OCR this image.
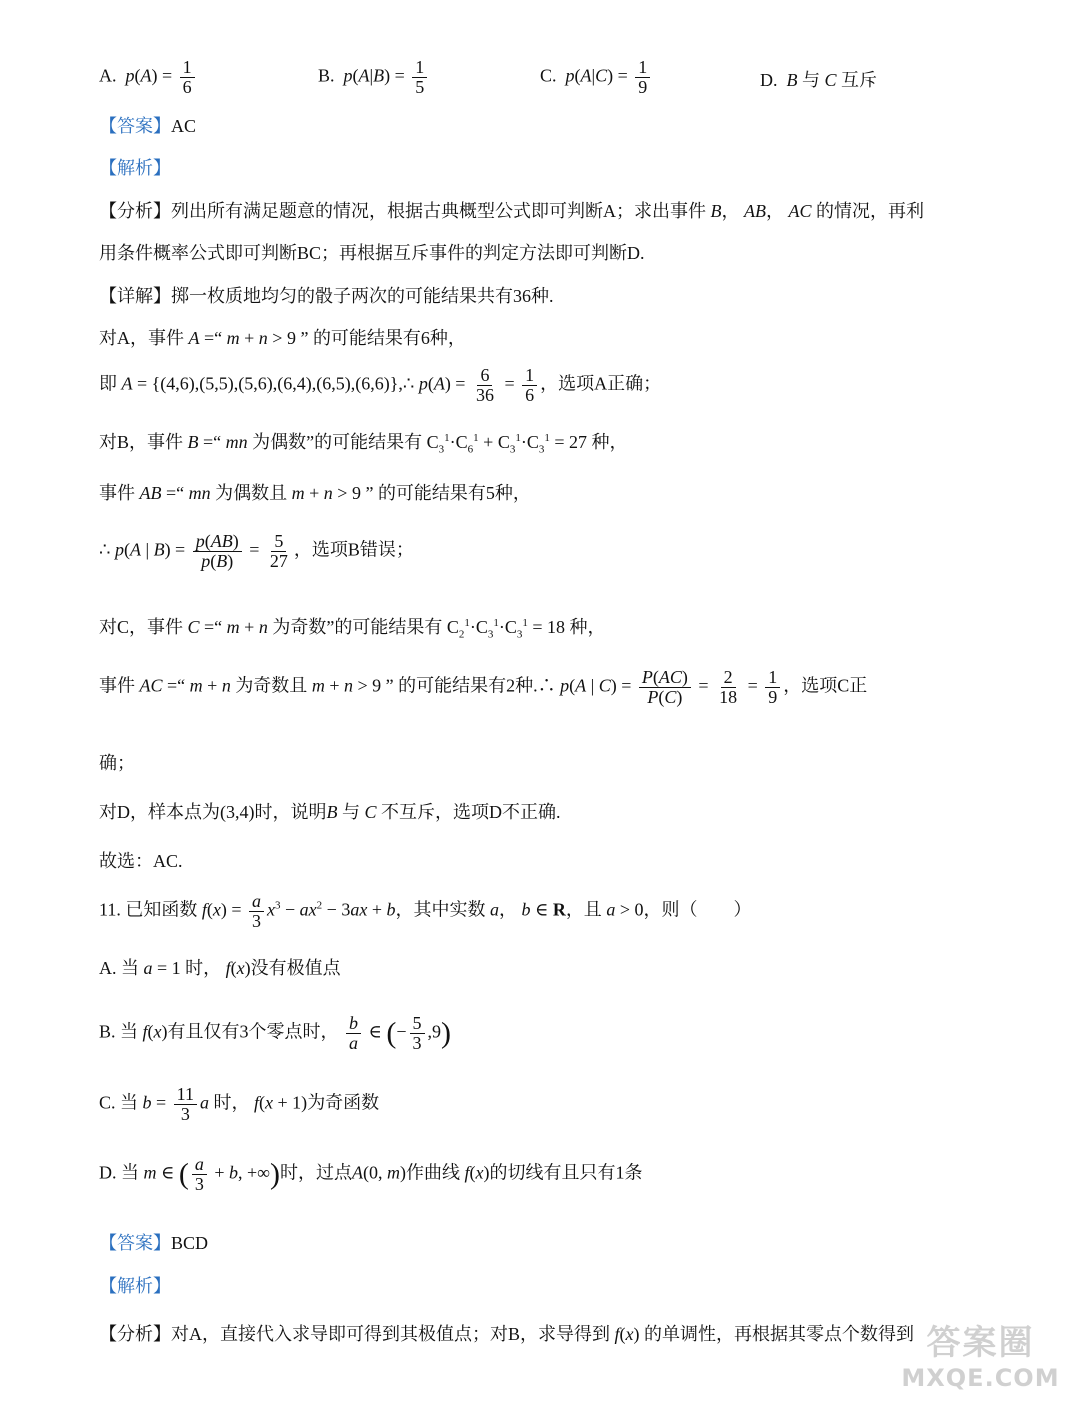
A. $p(A) = \frac{1}{6}$	B. $p(A|B) = \frac{1}{5}$	C. $p(A|C) = \frac{1}{9}$	D. B 与 C 互斥
【答案】AC
【解析】
【分析】列出所有满足题意的情况，根据古典概型公式即可判断A；求出事件 B， AB， AC 的情况，再利
用条件概率公式即可判断BC；再根据互斥事件的判定方法即可判断D.
【详解】掷一枚质地均匀的骰子两次的可能结果共有36种.
对A，事件 A =“ m + n > 9 ” 的可能结果有6种，
即 A = {(4,6),(5,5),(5,6),(6,4),(6,5),(6,6)},∴ $p(A) = \frac{6}{36} = \frac{1}{6}$ ，选项A正确；
对B，事件 B =“ mn 为偶数”的可能结果有 $C_3^1\cdot C_6^1 + C_3^1\cdot C_3^1 = 27$ 种，
事件 AB =“ mn 为偶数且 m + n > 9 ” 的可能结果有5种，
∴ p(A | $B) = \frac{p(AB)}{p(B)} = \frac{5}{27}$ ，选项B错误；
对C，事件 C =“ m + n 为奇数”的可能结果有 $C_2^1\cdot C_3^1\cdot C_3^1 = 18$ 种，
事件 AC =“ m + n 为奇数且 m + n > 9 ” 的可能结果有2种.∴ p(A | $C) = \frac{P(AC)}{P(C)} = \frac{2}{18} = \frac{1}{9}$ ，选项C正
确；
对D，样本点为(3,4)时，说明B 与 C 不互斥，选项D不正确.
故选：AC.
11. 已知函数 $f(x) = \frac{a}{3} x^3 - ax^2 - 3ax + b$，其中实数 a， b ∈ R，且 a > 0，则（　　）
A. 当 a = 1 时， f(x)没有极值点
B. 当 f(x)有且仅有3个零点时， $\frac{b}{a}$ ∈ (− $\frac{5}{3} ,9$)
C. 当 $b = \frac{11}{3}$ a 时， f(x + 1)为奇函数
D. 当 m ∈ ( $\frac{a}{3} + b$, +∞)时，过点A(0, m)作曲线 f(x)的切线有且只有1条
【答案】BCD
【解析】
【分析】对A，直接代入求导即可得到其极值点；对B，求导得到 f(x) 的单调性，再根据其零点个数得到 答案圈
MXQE.COM
